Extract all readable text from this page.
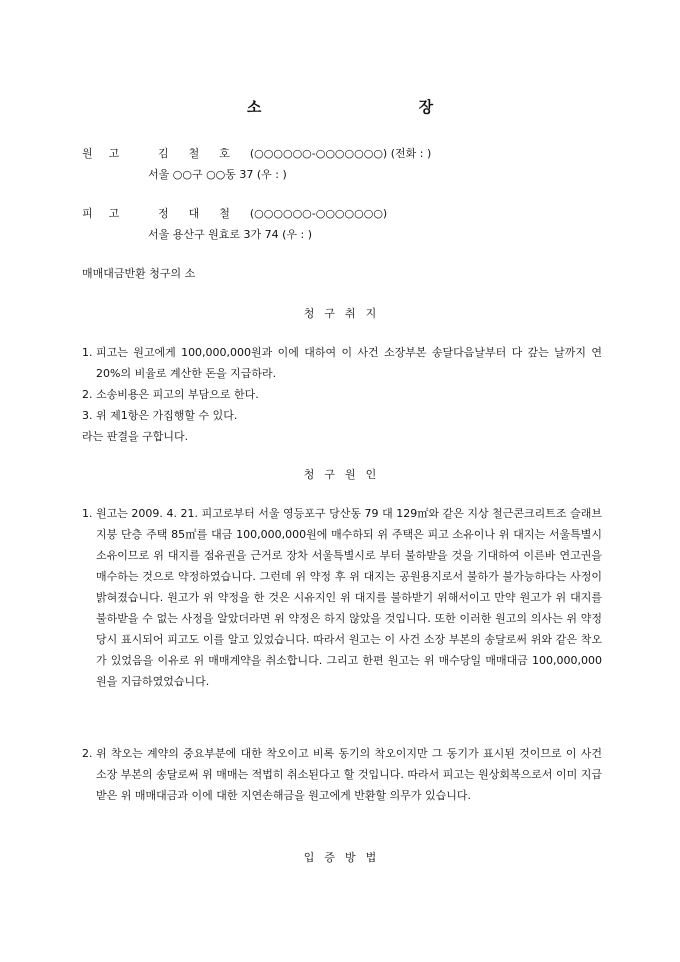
소 장
원고 김철호(○○○○○○-○○○○○○○) (전화 : )
서울 ○○구 ○○동 37 (우 : )
피고 정대철(○○○○○○-○○○○○○○)
서울 용산구 원효로 3가 74 (우 : )
매매대금반환 청구의 소
청구취지
1. 피고는 원고에게 100,000,000원과 이에 대하여 이 사건 소장부본 송달다음날부터 다 갚는 날까지 연 20%의 비율로 계산한 돈을 지급하라.
2. 소송비용은 피고의 부담으로 한다.
3. 위 제1항은 가집행할 수 있다.
라는 판결을 구합니다.
청구원인
1. 원고는 2009. 4. 21. 피고로부터 서울 영등포구 당산동 79 대 129㎡와 같은 지상 철근콘크리트조 슬래브지붕 단층 주택 85㎡를 대금 100,000,000원에 매수하되 위 주택은 피고 소유이나 위 대지는 서울특별시 소유이므로 위 대지를 점유권을 근거로 장차 서울특별시로 부터 불하받을 것을 기대하여 이른바 연고권을 매수하는 것으로 약정하였습니다. 그런데 위 약정 후 위 대지는 공원용지로서 불하가 불가능하다는 사정이 밝혀졌습니다. 원고가 위 약정을 한 것은 시유지인 위 대지를 불하받기 위해서이고 만약 원고가 위 대지를 불하받을 수 없는 사정을 알았더라면 위 약정은 하지 않았을 것입니다. 또한 이러한 원고의 의사는 위 약정 당시 표시되어 피고도 이를 알고 있었습니다. 따라서 원고는 이 사건 소장 부본의 송달로써 위와 같은 착오가 있었음을 이유로 위 매매계약을 취소합니다. 그리고 한편 원고는 위 매수당일 매매대금 100,000,000원을 지급하였었습니다.
2. 위 착오는 계약의 중요부분에 대한 착오이고 비록 동기의 착오이지만 그 동기가 표시된 것이므로 이 사건 소장 부본의 송달로써 위 매매는 적법히 취소된다고 할 것입니다. 따라서 피고는 원상회복으로서 이미 지급받은 위 매매대금과 이에 대한 지연손해금을 원고에게 반환할 의무가 있습니다.
입증방법
